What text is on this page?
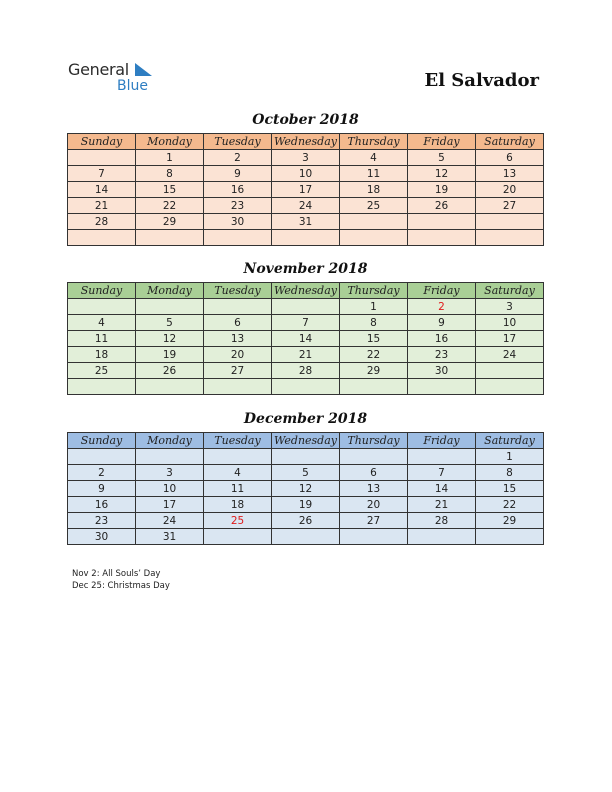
General
Blue	El Salvador
October 2018
Sunday	Monday	Tuesday	Wednesday	Thursday	Friday	Saturday
	1	2	3	4	5	6
7	8	9	10	11	12	13
14	15	16	17	18	19	20
21	22	23	24	25	26	27
28	29	30	31			

November 2018
Sunday	Monday	Tuesday	Wednesday	Thursday	Friday	Saturday
				1	2	3
4	5	6	7	8	9	10
11	12	13	14	15	16	17
18	19	20	21	22	23	24
25	26	27	28	29	30	

December 2018
Sunday	Monday	Tuesday	Wednesday	Thursday	Friday	Saturday
						1
2	3	4	5	6	7	8
9	10	11	12	13	14	15
16	17	18	19	20	21	22
23	24	25	26	27	28	29
30	31					
Nov 2: All Souls’ Day
Dec 25: Christmas Day
